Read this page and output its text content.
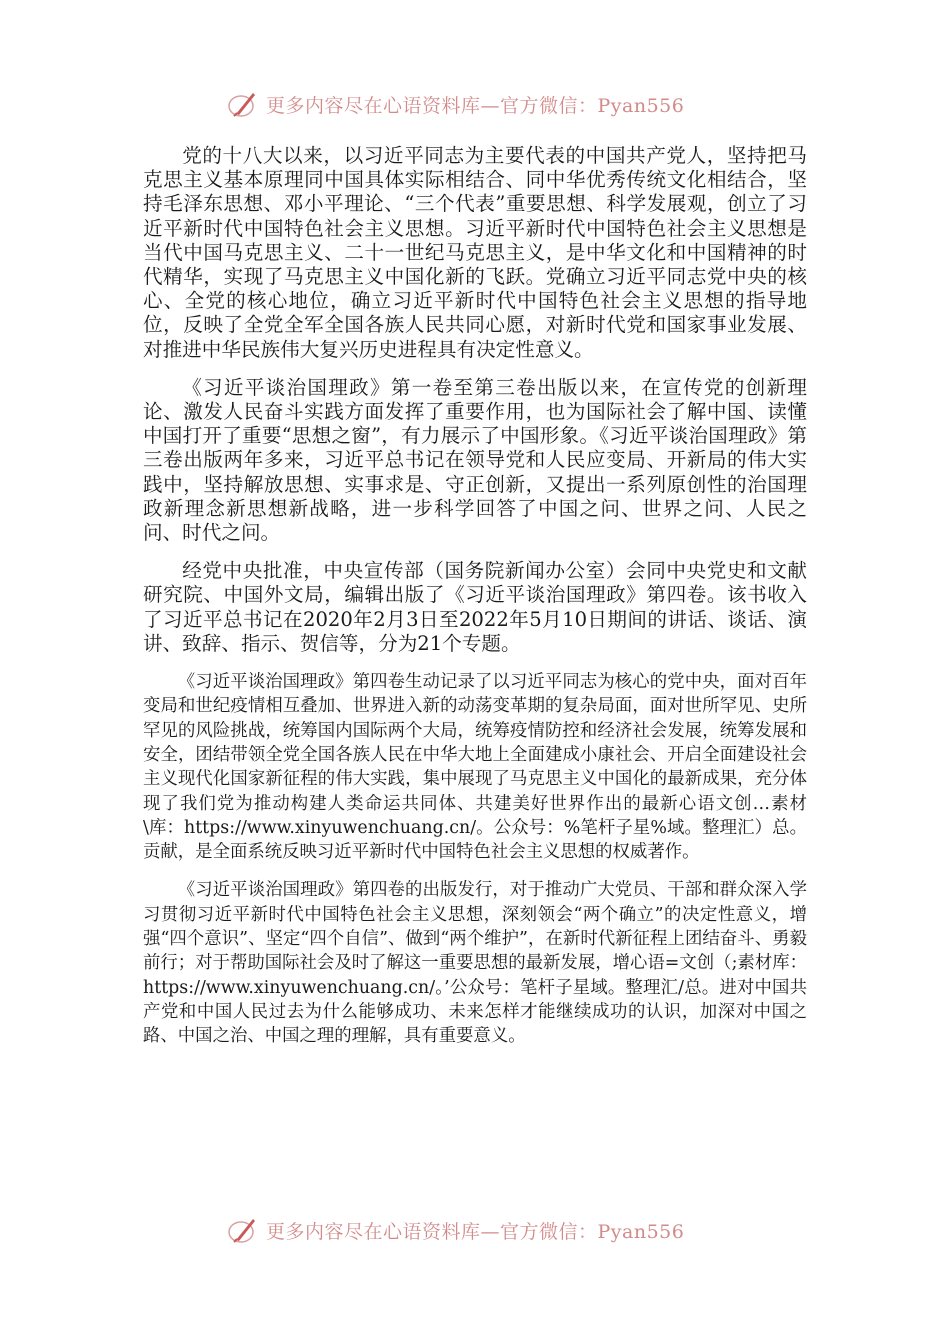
更多内容尽在心语资料库—官方微信：Pyan556

党的十八大以来，以习近平同志为主要代表的中国共产党人，坚持把马克思主义基本原理同中国具体实际相结合、同中华优秀传统文化相结合，坚持毛泽东思想、邓小平理论、“三个代表”重要思想、科学发展观，创立了习近平新时代中国特色社会主义思想。习近平新时代中国特色社会主义思想是当代中国马克思主义、二十一世纪马克思主义，是中华文化和中国精神的时代精华，实现了马克思主义中国化新的飞跃。党确立习近平同志党中央的核心、全党的核心地位，确立习近平新时代中国特色社会主义思想的指导地位，反映了全党全军全国各族人民共同心愿，对新时代党和国家事业发展、对推进中华民族伟大复兴历史进程具有决定性意义。

《习近平谈治国理政》第一卷至第三卷出版以来，在宣传党的创新理论、激发人民奋斗实践方面发挥了重要作用，也为国际社会了解中国、读懂中国打开了重要“思想之窗”，有力展示了中国形象。《习近平谈治国理政》第三卷出版两年多来，习近平总书记在领导党和人民应变局、开新局的伟大实践中，坚持解放思想、实事求是、守正创新，又提出一系列原创性的治国理政新理念新思想新战略，进一步科学回答了中国之问、世界之问、人民之问、时代之问。

经党中央批准，中央宣传部（国务院新闻办公室）会同中央党史和文献研究院、中国外文局，编辑出版了《习近平谈治国理政》第四卷。该书收入了习近平总书记在2020年2月3日至2022年5月10日期间的讲话、谈话、演讲、致辞、指示、贺信等，分为21个专题。

《习近平谈治国理政》第四卷生动记录了以习近平同志为核心的党中央，面对百年变局和世纪疫情相互叠加、世界进入新的动荡变革期的复杂局面，面对世所罕见、史所罕见的风险挑战，统筹国内国际两个大局，统筹疫情防控和经济社会发展，统筹发展和安全，团结带领全党全国各族人民在中华大地上全面建成小康社会、开启全面建设社会主义现代化国家新征程的伟大实践，集中展现了马克思主义中国化的最新成果，充分体现了我们党为推动构建人类命运共同体、共建美好世界作出的最新心语文创…素材\库：https://www.xinyuwenchuang.cn/。公众号：%笔杆子星%域。整理汇）总。贡献，是全面系统反映习近平新时代中国特色社会主义思想的权威著作。

《习近平谈治国理政》第四卷的出版发行，对于推动广大党员、干部和群众深入学习贯彻习近平新时代中国特色社会主义思想，深刻领会“两个确立”的决定性意义，增强“四个意识”、坚定“四个自信”、做到“两个维护”，在新时代新征程上团结奋斗、勇毅前行；对于帮助国际社会及时了解这一重要思想的最新发展，增心语=文创（;素材库：https://www.xinyuwenchuang.cn/。’公众号：笔杆子星域。整理汇/总。进对中国共产党和中国人民过去为什么能够成功、未来怎样才能继续成功的认识，加深对中国之路、中国之治、中国之理的理解，具有重要意义。

更多内容尽在心语资料库—官方微信：Pyan556
